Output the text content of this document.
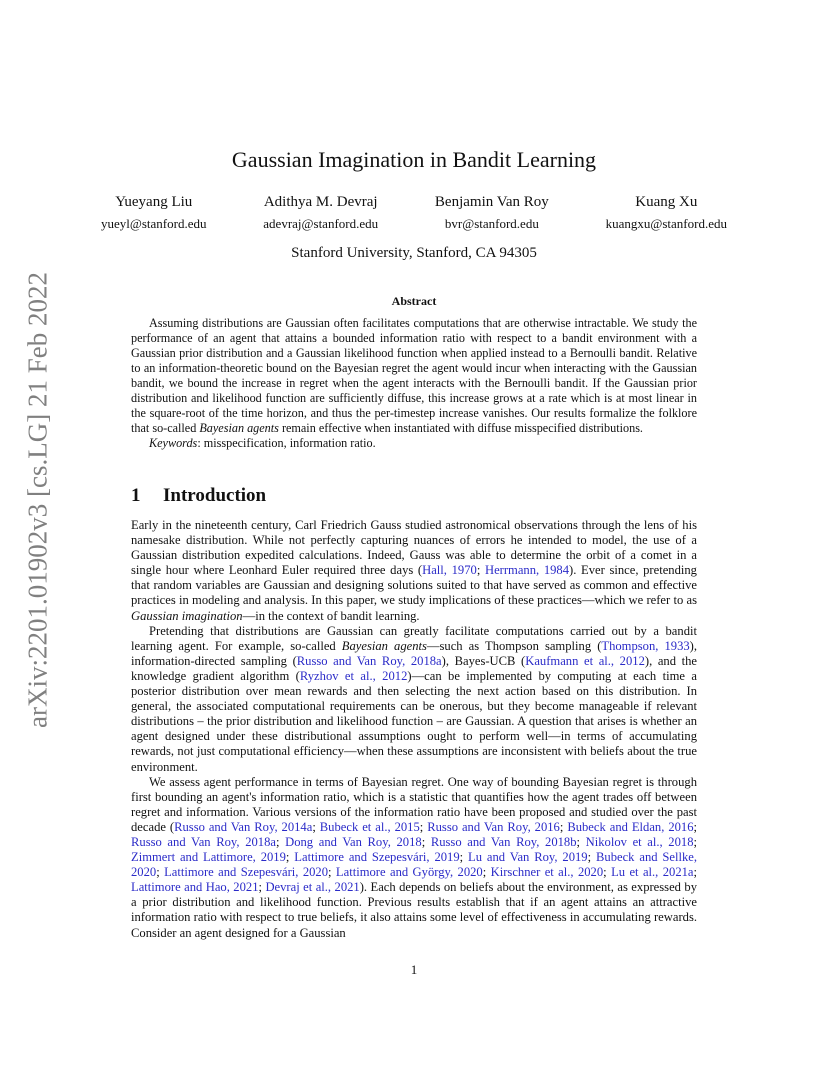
arXiv:2201.01902v3 [cs.LG] 21 Feb 2022
Gaussian Imagination in Bandit Learning
Yueyang Liu
yueyl@stanford.edu
Adithya M. Devraj
adevraj@stanford.edu
Benjamin Van Roy
bvr@stanford.edu
Kuang Xu
kuangxu@stanford.edu
Stanford University, Stanford, CA 94305
Abstract

Assuming distributions are Gaussian often facilitates computations that are otherwise intractable. We study the performance of an agent that attains a bounded information ratio with respect to a bandit environment with a Gaussian prior distribution and a Gaussian likelihood function when applied instead to a Bernoulli bandit. Relative to an information-theoretic bound on the Bayesian regret the agent would incur when interacting with the Gaussian bandit, we bound the increase in regret when the agent interacts with the Bernoulli bandit. If the Gaussian prior distribution and likelihood function are sufficiently diffuse, this increase grows at a rate which is at most linear in the square-root of the time horizon, and thus the per-timestep increase vanishes. Our results formalize the folklore that so-called Bayesian agents remain effective when instantiated with diffuse misspecified distributions.

Keywords: misspecification, information ratio.

1 Introduction

Early in the nineteenth century, Carl Friedrich Gauss studied astronomical observations through the lens of his namesake distribution. While not perfectly capturing nuances of errors he intended to model, the use of a Gaussian distribution expedited calculations. Indeed, Gauss was able to determine the orbit of a comet in a single hour where Leonhard Euler required three days (Hall, 1970; Herrmann, 1984). Ever since, pretending that random variables are Gaussian and designing solutions suited to that have served as common and effective practices in modeling and analysis. In this paper, we study implications of these practices—which we refer to as Gaussian imagination—in the context of bandit learning.

Pretending that distributions are Gaussian can greatly facilitate computations carried out by a bandit learning agent. For example, so-called Bayesian agents—such as Thompson sampling (Thompson, 1933), information-directed sampling (Russo and Van Roy, 2018a), Bayes-UCB (Kaufmann et al., 2012), and the knowledge gradient algorithm (Ryzhov et al., 2012)—can be implemented by computing at each time a posterior distribution over mean rewards and then selecting the next action based on this distribution. In general, the associated computational requirements can be onerous, but they become manageable if relevant distributions – the prior distribution and likelihood function – are Gaussian. A question that arises is whether an agent designed under these distributional assumptions ought to perform well—in terms of accumulating rewards, not just computational efficiency—when these assumptions are inconsistent with beliefs about the true environment.

We assess agent performance in terms of Bayesian regret. One way of bounding Bayesian regret is through first bounding an agent's information ratio, which is a statistic that quantifies how the agent trades off between regret and information. Various versions of the information ratio have been proposed and studied over the past decade (Russo and Van Roy, 2014a; Bubeck et al., 2015; Russo and Van Roy, 2016; Bubeck and Eldan, 2016; Russo and Van Roy, 2018a; Dong and Van Roy, 2018; Russo and Van Roy, 2018b; Nikolov et al., 2018; Zimmert and Lattimore, 2019; Lattimore and Szepesvári, 2019; Lu and Van Roy, 2019; Bubeck and Sellke, 2020; Lattimore and Szepesvári, 2020; Lattimore and György, 2020; Kirschner et al., 2020; Lu et al., 2021a; Lattimore and Hao, 2021; Devraj et al., 2021). Each depends on beliefs about the environment, as expressed by a prior distribution and likelihood function. Previous results establish that if an agent attains an attractive information ratio with respect to true beliefs, it also attains some level of effectiveness in accumulating rewards. Consider an agent designed for a Gaussian

1
